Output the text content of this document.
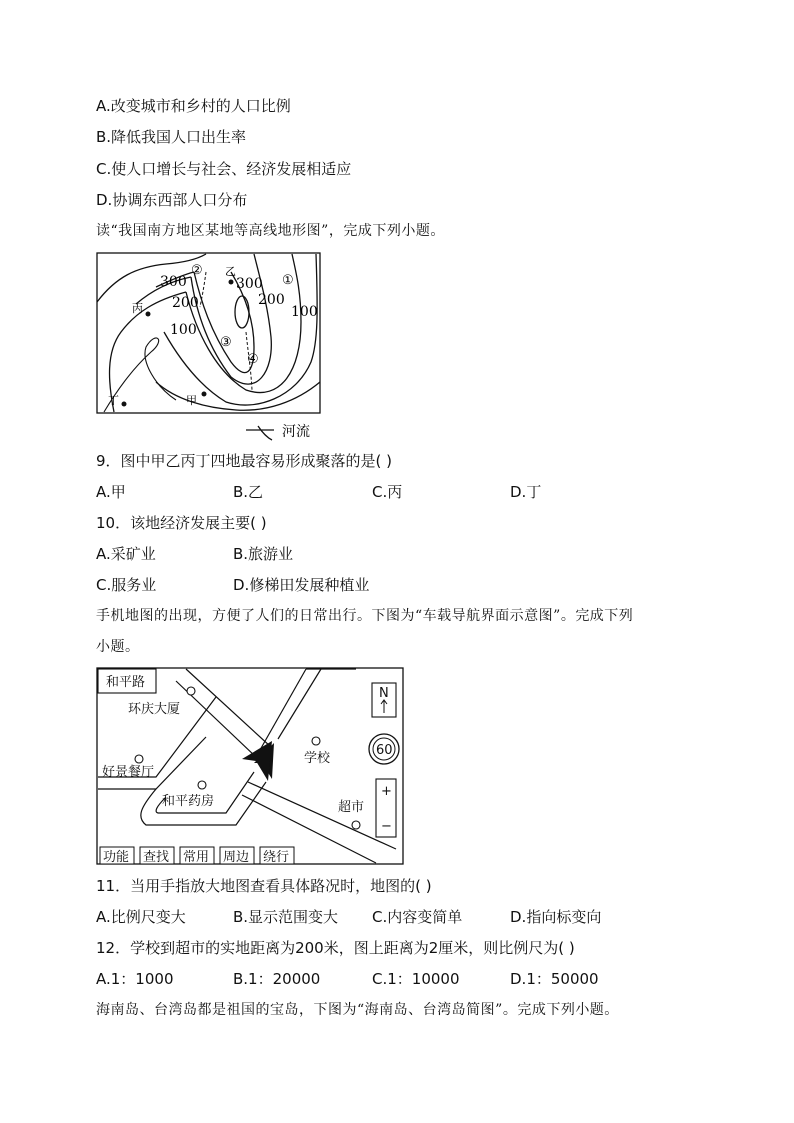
A.改变城市和乡村的人口比例
B.降低我国人口出生率
C.使人口增长与社会、经济发展相适应
D.协调东西部人口分布
读“我国南方地区某地等高线地形图”，完成下列小题。
300
200
100
300
200
100
①
②
③
④
乙
丙
甲
丁
河流
9．图中甲乙丙丁四地最容易形成聚落的是( )
A.甲	B.乙	C.丙	D.丁
10．该地经济发展主要( )
A.采矿业	B.旅游业
C.服务业	D.修梯田发展种植业
手机地图的出现，方便了人们的日常出行。下图为“车载导航界面示意图”。完成下列
小题。
和平路
环庆大厦
好景餐厅
和平药房
学校
超市
N
60
+
−
功能 查找 常用 周边 绕行
11．当用手指放大地图查看具体路况时，地图的( )
A.比例尺变大	B.显示范围变大 C.内容变简单	D.指向标变向
12．学校到超市的实地距离为200米，图上距离为2厘米，则比例尺为( )
A.1：1000	B.1：20000	C.1：10000	D.1：50000
海南岛、台湾岛都是祖国的宝岛，下图为“海南岛、台湾岛简图”。完成下列小题。
